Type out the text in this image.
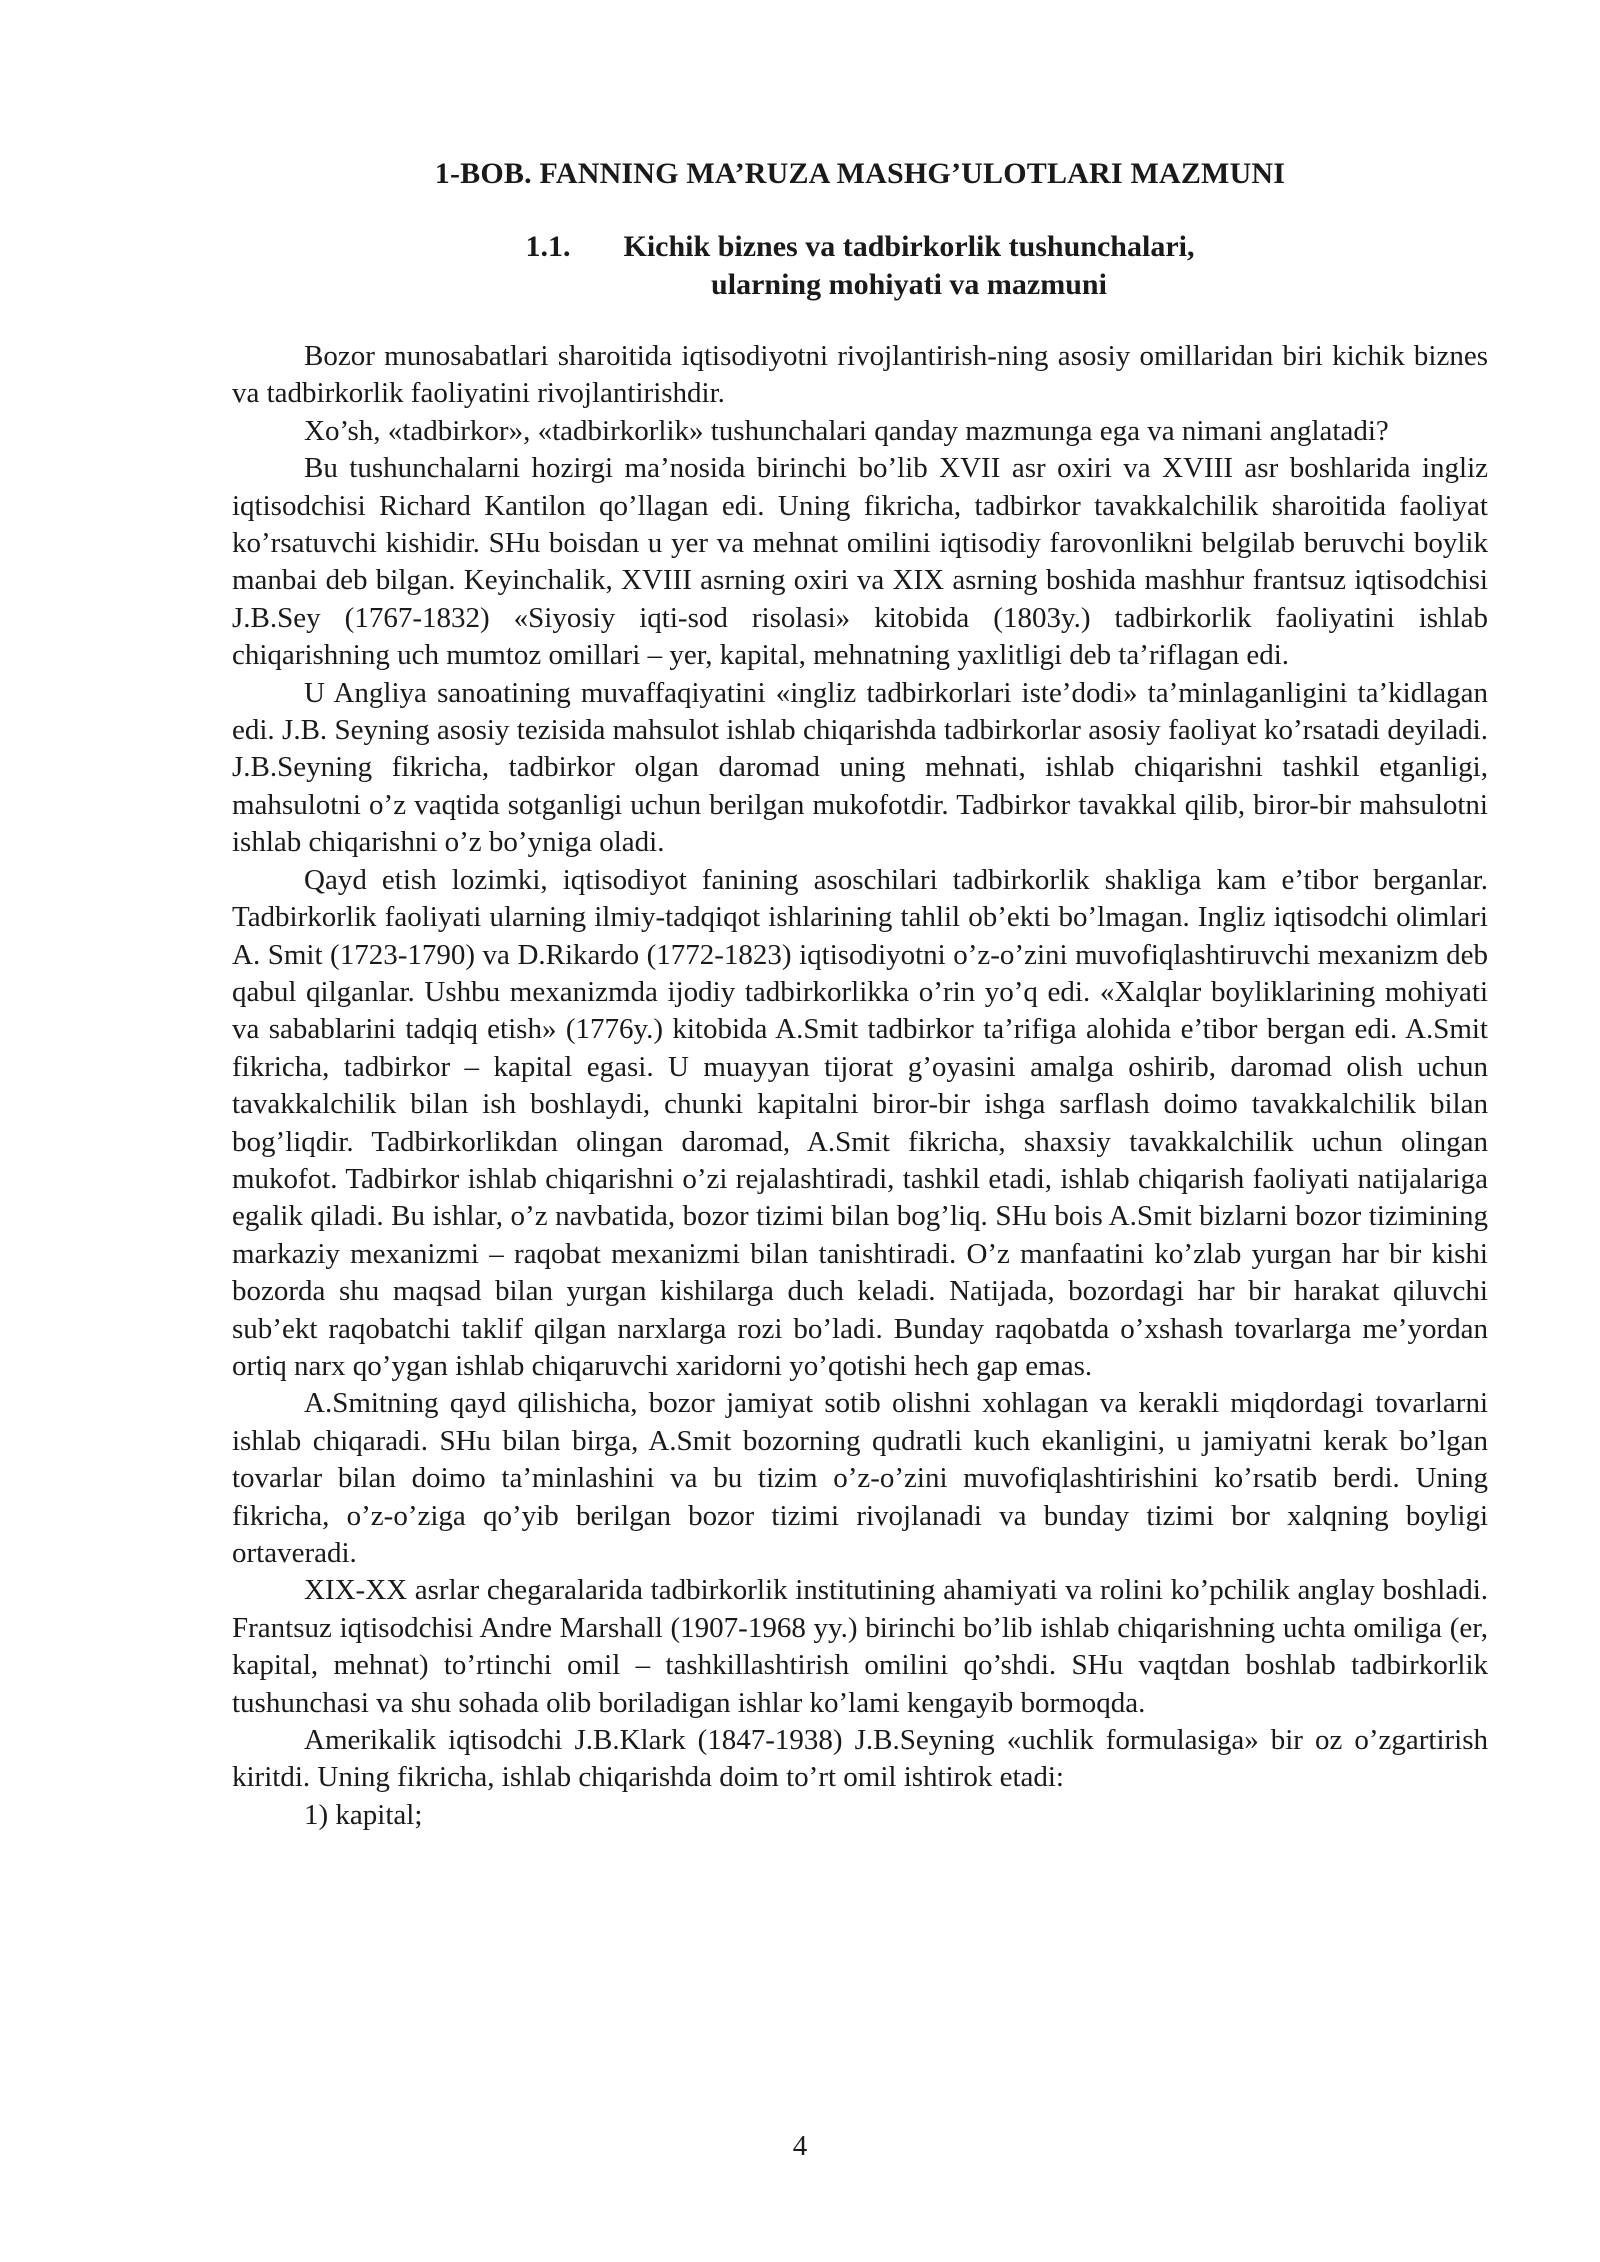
1-BOB. FANNING MA’RUZA MASHG’ULOTLARI MAZMUNI
1.1.	Kichik biznes va tadbirkorlik tushunchalari,
ularning mohiyati va mazmuni

Bozor munosabatlari sharoitida iqtisodiyotni rivojlantirish-ning asosiy omillaridan biri kichik biznes va tadbirkorlik faoliyatini rivojlantirishdir.

Xo’sh, «tadbirkor», «tadbirkorlik» tushunchalari qanday mazmunga ega va nimani anglatadi?

Bu tushunchalarni hozirgi ma’nosida birinchi bo’lib XVII asr oxiri va XVIII asr boshlarida ingliz iqtisodchisi Richard Kantilon qo’llagan edi. Uning fikricha, tadbirkor tavakkalchilik sharoitida faoliyat ko’rsatuvchi kishidir. SHu boisdan u yer va mehnat omilini iqtisodiy farovonlikni belgilab beruvchi boylik manbai deb bilgan. Keyinchalik, XVIII asrning oxiri va XIX asrning boshida mashhur frantsuz iqtisodchisi J.B.Sey (1767-1832) «Siyosiy iqti-sod risolasi» kitobida (1803y.) tadbirkorlik faoliyatini ishlab chiqarishning uch mumtoz omillari – yer, kapital, mehnatning yaxlitligi deb ta’riflagan edi.

U Angliya sanoatining muvaffaqiyatini «ingliz tadbirkorlari iste’dodi» ta’minlaganligini ta’kidlagan edi. J.B. Seyning asosiy tezisida mahsulot ishlab chiqarishda tadbirkorlar asosiy faoliyat ko’rsatadi deyiladi. J.B.Seyning fikricha, tadbirkor olgan daromad uning mehnati, ishlab chiqarishni tashkil etganligi, mahsulotni o’z vaqtida sotganligi uchun berilgan mukofotdir. Tadbirkor tavakkal qilib, biror-bir mahsulotni ishlab chiqarishni o’z bo’yniga oladi.

Qayd etish lozimki, iqtisodiyot fanining asoschilari tadbirkorlik shakliga kam e’tibor berganlar. Tadbirkorlik faoliyati ularning ilmiy-tadqiqot ishlarining tahlil ob’ekti bo’lmagan. Ingliz iqtisodchi olimlari A. Smit (1723-1790) va D.Rikardo (1772-1823) iqtisodiyotni o’z-o’zini muvofiqlashtiruvchi mexanizm deb qabul qilganlar. Ushbu mexanizmda ijodiy tadbirkorlikka o’rin yo’q edi. «Xalqlar boyliklarining mohiyati va sabablarini tadqiq etish» (1776y.) kitobida A.Smit tadbirkor ta’rifiga alohida e’tibor bergan edi. A.Smit fikricha, tadbirkor – kapital egasi. U muayyan tijorat g’oyasini amalga oshirib, daromad olish uchun tavakkalchilik bilan ish boshlaydi, chunki kapitalni biror-bir ishga sarflash doimo tavakkalchilik bilan bog’liqdir. Tadbirkorlikdan olingan daromad, A.Smit fikricha, shaxsiy tavakkalchilik uchun olingan mukofot. Tadbirkor ishlab chiqarishni o’zi rejalashtiradi, tashkil etadi, ishlab chiqarish faoliyati natijalariga egalik qiladi. Bu ishlar, o’z navbatida, bozor tizimi bilan bog’liq. SHu bois A.Smit bizlarni bozor tizimining markaziy mexanizmi – raqobat mexanizmi bilan tanishtiradi. O’z manfaatini ko’zlab yurgan har bir kishi bozorda shu maqsad bilan yurgan kishilarga duch keladi. Natijada, bozordagi har bir harakat qiluvchi sub’ekt raqobatchi taklif qilgan narxlarga rozi bo’ladi. Bunday raqobatda o’xshash tovarlarga me’yordan ortiq narx qo’ygan ishlab chiqaruvchi xaridorni yo’qotishi hech gap emas.

A.Smitning qayd qilishicha, bozor jamiyat sotib olishni xohlagan va kerakli miqdordagi tovarlarni ishlab chiqaradi. SHu bilan birga, A.Smit bozorning qudratli kuch ekanligini, u jamiyatni kerak bo’lgan tovarlar bilan doimo ta’minlashini va bu tizim o’z-o’zini muvofiqlashtirishini ko’rsatib berdi. Uning fikricha, o’z-o’ziga qo’yib berilgan bozor tizimi rivojlanadi va bunday tizimi bor xalqning boyligi ortaveradi.

XIX-XX asrlar chegaralarida tadbirkorlik institutining ahamiyati va rolini ko’pchilik anglay boshladi. Frantsuz iqtisodchisi Andre Marshall (1907-1968 yy.) birinchi bo’lib ishlab chiqarishning uchta omiliga (er, kapital, mehnat) to’rtinchi omil – tashkillashtirish omilini qo’shdi. SHu vaqtdan boshlab tadbirkorlik tushunchasi va shu sohada olib boriladigan ishlar ko’lami kengayib bormoqda.

Amerikalik iqtisodchi J.B.Klark (1847-1938) J.B.Seyning «uchlik formulasiga» bir oz o’zgartirish kiritdi. Uning fikricha, ishlab chiqarishda doim to’rt omil ishtirok etadi:

1) kapital;

4
